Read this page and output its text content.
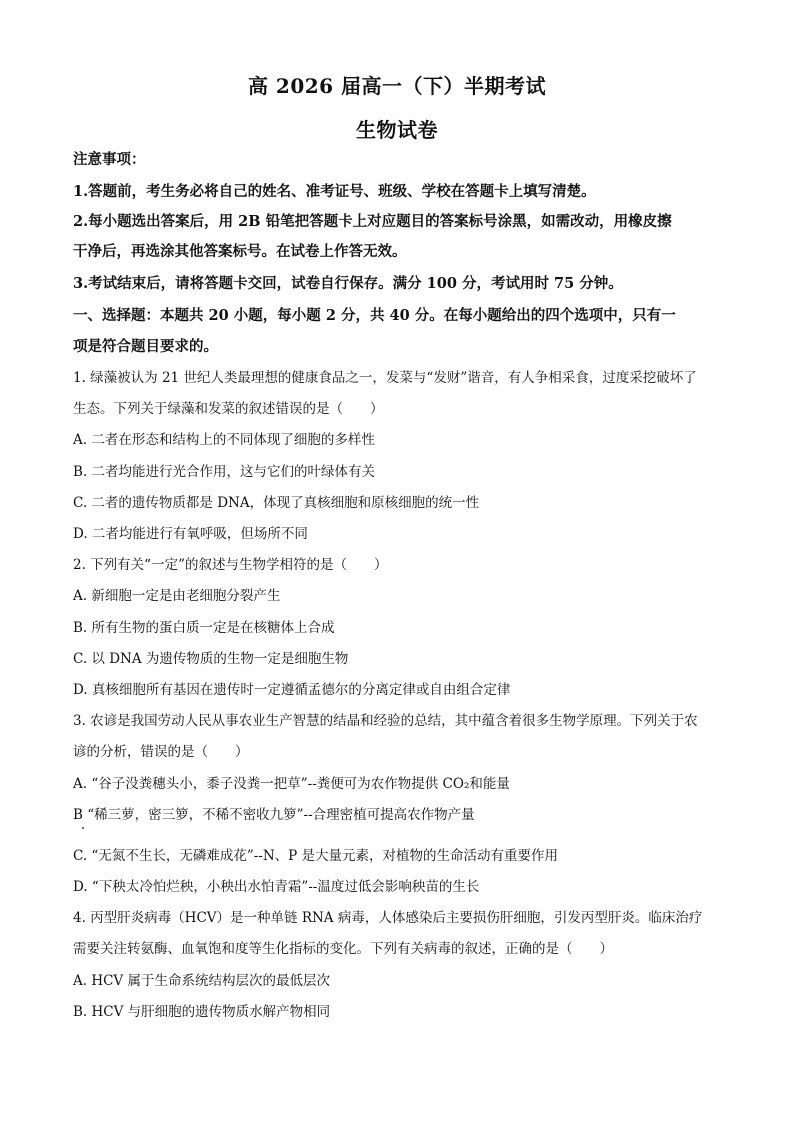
高 2026 届高一（下）半期考试
生物试卷
注意事项：
1.答题前，考生务必将自己的姓名、准考证号、班级、学校在答题卡上填写清楚。
2.每小题选出答案后，用 2B 铅笔把答题卡上对应题目的答案标号涂黑，如需改动，用橡皮擦
干净后，再选涂其他答案标号。在试卷上作答无效。
3.考试结束后，请将答题卡交回，试卷自行保存。满分 100 分，考试用时 75 分钟。
一、选择题：本题共 20 小题，每小题 2 分，共 40 分。在每小题给出的四个选项中，只有一
项是符合题目要求的。
1. 绿藻被认为 21 世纪人类最理想的健康食品之一，发菜与“发财”谐音，有人争相采食，过度采挖破坏了
生态。下列关于绿藻和发菜的叙述错误的是（　　）
A. 二者在形态和结构上的不同体现了细胞的多样性
B. 二者均能进行光合作用，这与它们的叶绿体有关
C. 二者的遗传物质都是 DNA，体现了真核细胞和原核细胞的统一性
D. 二者均能进行有氧呼吸，但场所不同
2. 下列有关“一定”的叙述与生物学相符的是（　　）
A. 新细胞一定是由老细胞分裂产生
B. 所有生物的蛋白质一定是在核糖体上合成
C. 以 DNA 为遗传物质的生物一定是细胞生物
D. 真核细胞所有基因在遗传时一定遵循孟德尔的分离定律或自由组合定律
3. 农谚是我国劳动人民从事农业生产智慧的结晶和经验的总结，其中蕴含着很多生物学原理。下列关于农
谚的分析，错误的是（　　）
A. “谷子没粪穗头小，黍子没粪一把草”--粪便可为农作物提供 CO₂和能量
B “稀三萝，密三箩，不稀不密收九箩”--合理密植可提高农作物产量
C. “无氮不生长，无磷难成花”--N、P 是大量元素，对植物的生命活动有重要作用
D. “下秧太冷怕烂秧，小秧出水怕青霜”--温度过低会影响秧苗的生长
4. 丙型肝炎病毒（HCV）是一种单链 RNA 病毒，人体感染后主要损伤肝细胞，引发丙型肝炎。临床治疗
需要关注转氨酶、血氧饱和度等生化指标的变化。下列有关病毒的叙述，正确的是（　　）
A. HCV 属于生命系统结构层次的最低层次
B. HCV 与肝细胞的遗传物质水解产物相同
